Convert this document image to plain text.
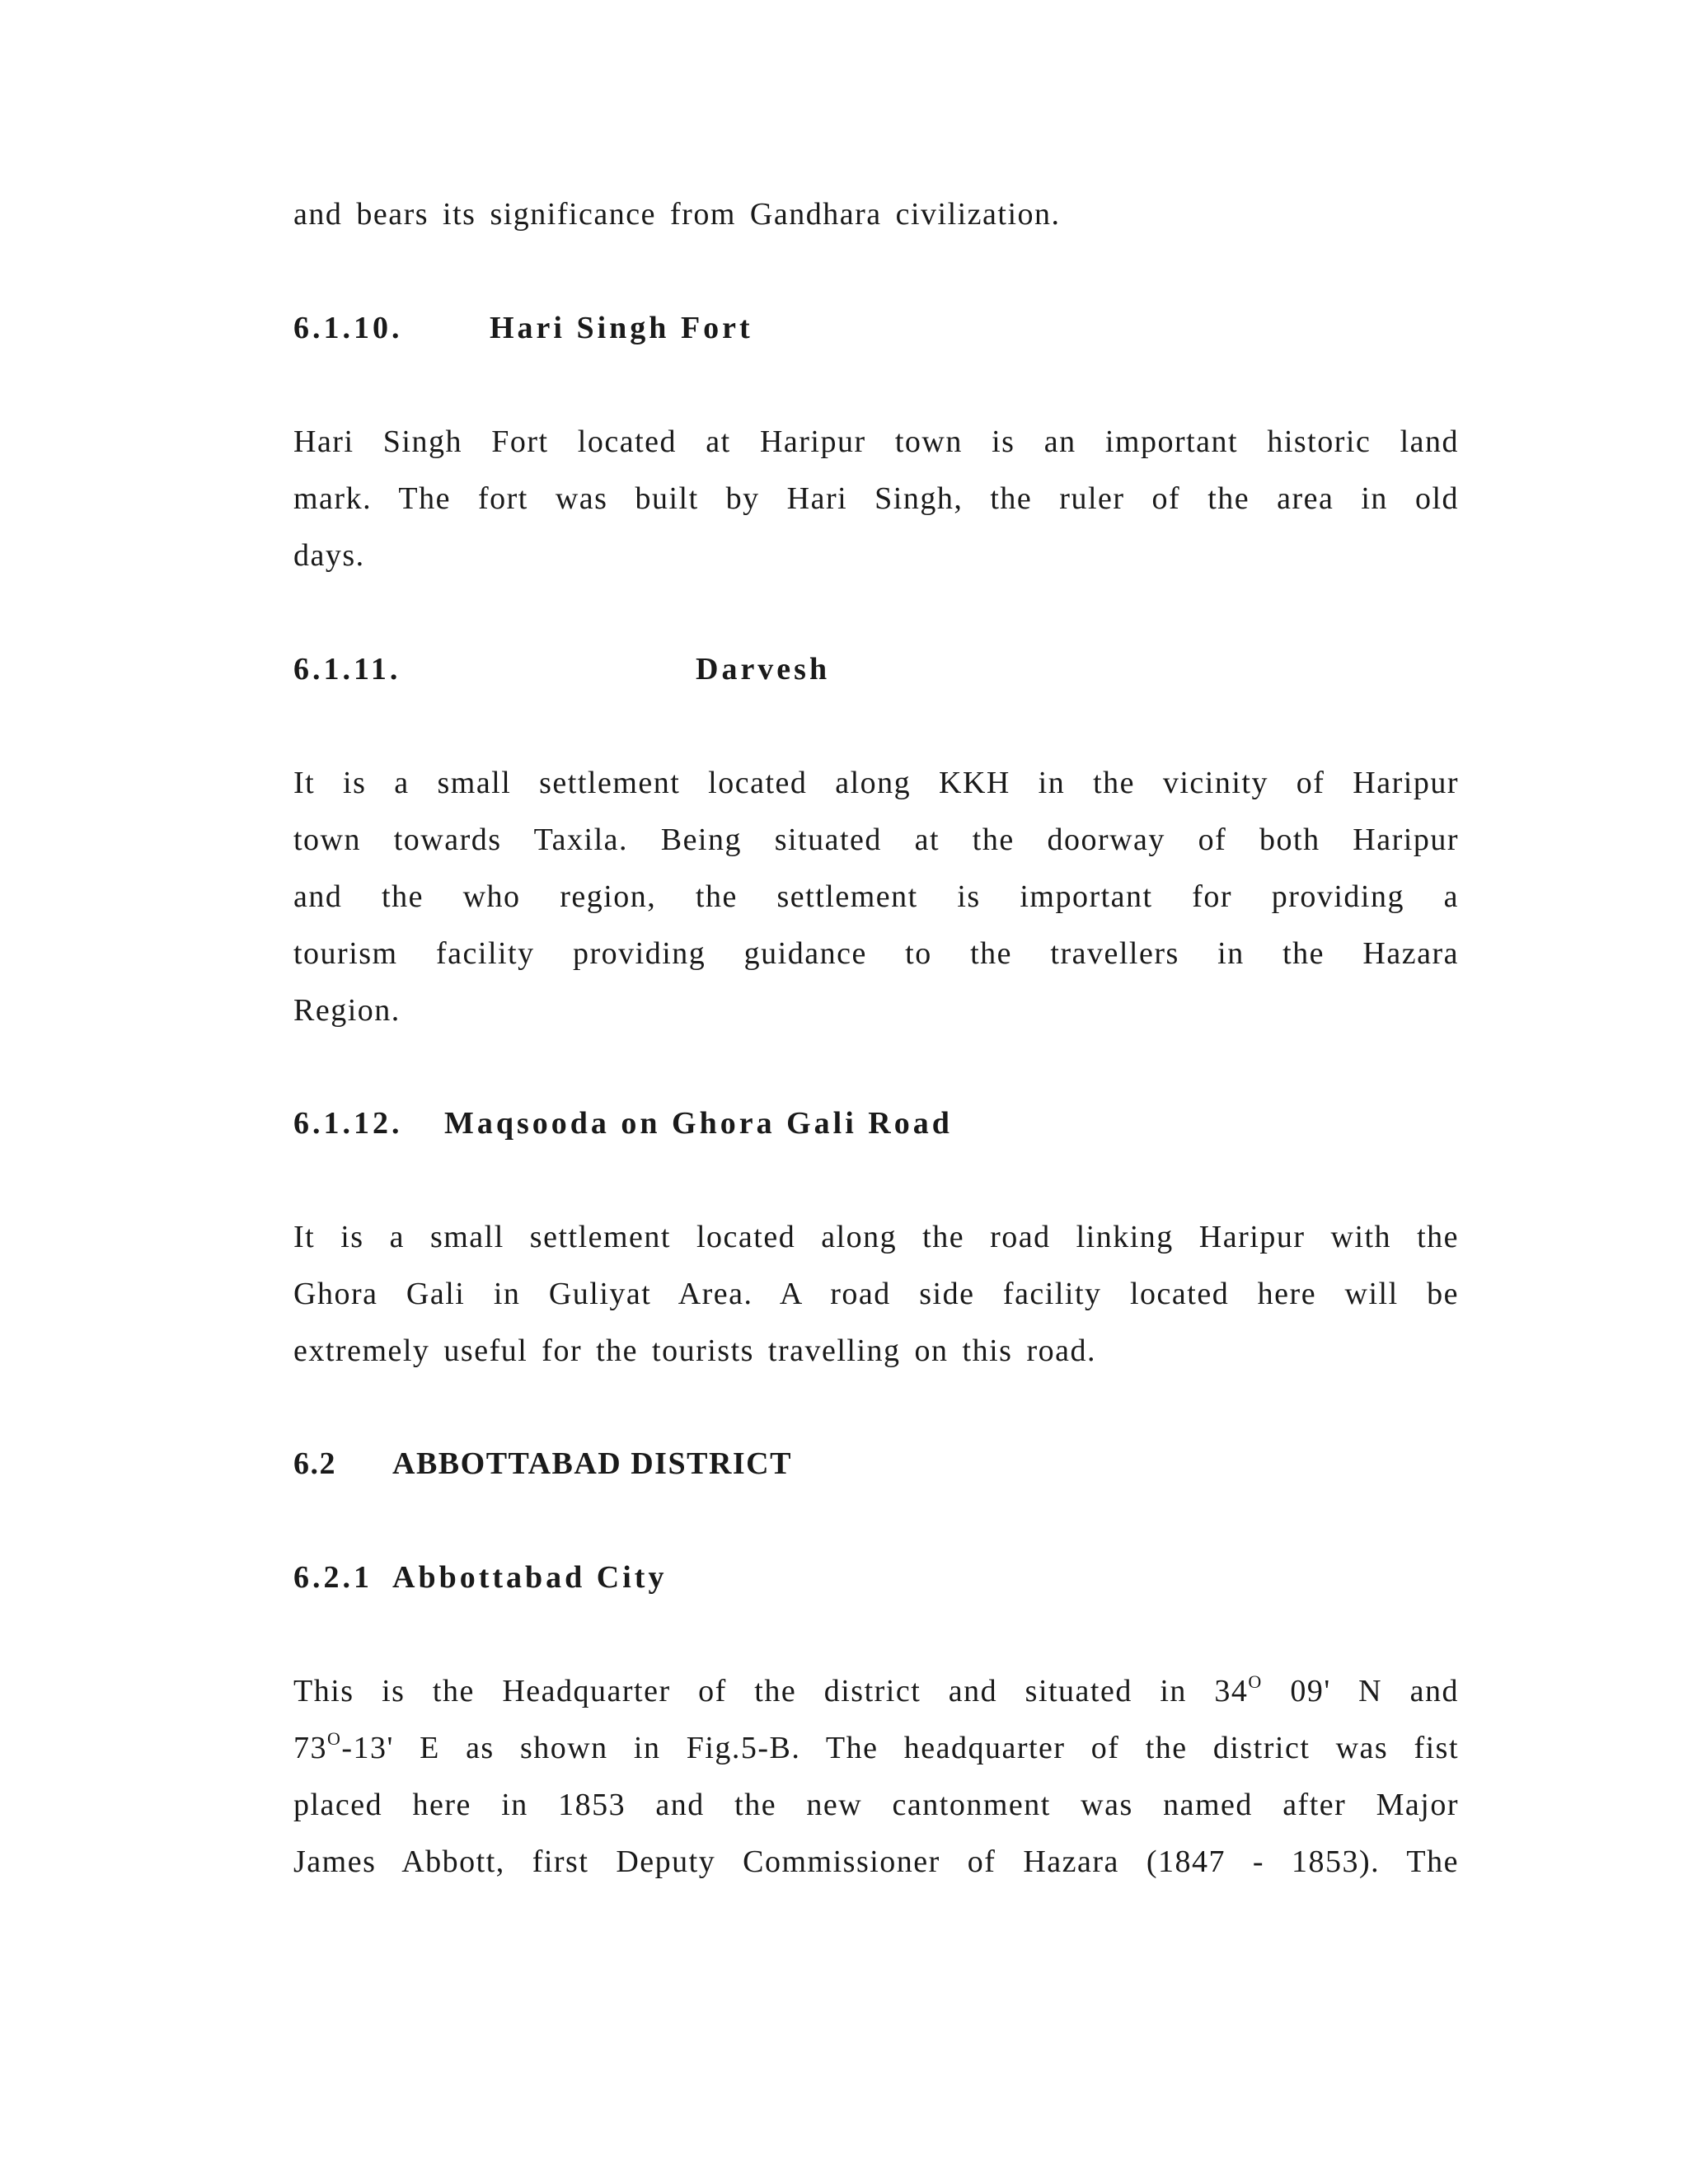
and bears its significance from Gandhara civilization.
6.1.10.	Hari Singh Fort
Hari Singh Fort located at Haripur town is an important historic land
mark. The fort was built by Hari Singh, the ruler of the area in old
days.
6.1.11.	Darvesh
It is a small settlement located along KKH in the vicinity of Haripur
town towards Taxila. Being situated at the doorway of both Haripur
and the who region, the settlement is important for providing a
tourism facility providing guidance to the travellers in the Hazara
Region.
6.1.12. Maqsooda on Ghora Gali Road
It is a small settlement located along the road linking Haripur with the
Ghora Gali in Guliyat Area. A road side facility located here will be
extremely useful for the tourists travelling on this road.
6.2 ABBOTTABAD DISTRICT
6.2.1 Abbottabad City
This is the Headquarter of the district and situated in $34^O$ 09' N and
$73^O-13'$ E as shown in Fig.5-B. The headquarter of the district was fist
placed here in 1853 and the new cantonment was named after Major
James Abbott, first Deputy Commissioner of Hazara (1847 - 1853). The
